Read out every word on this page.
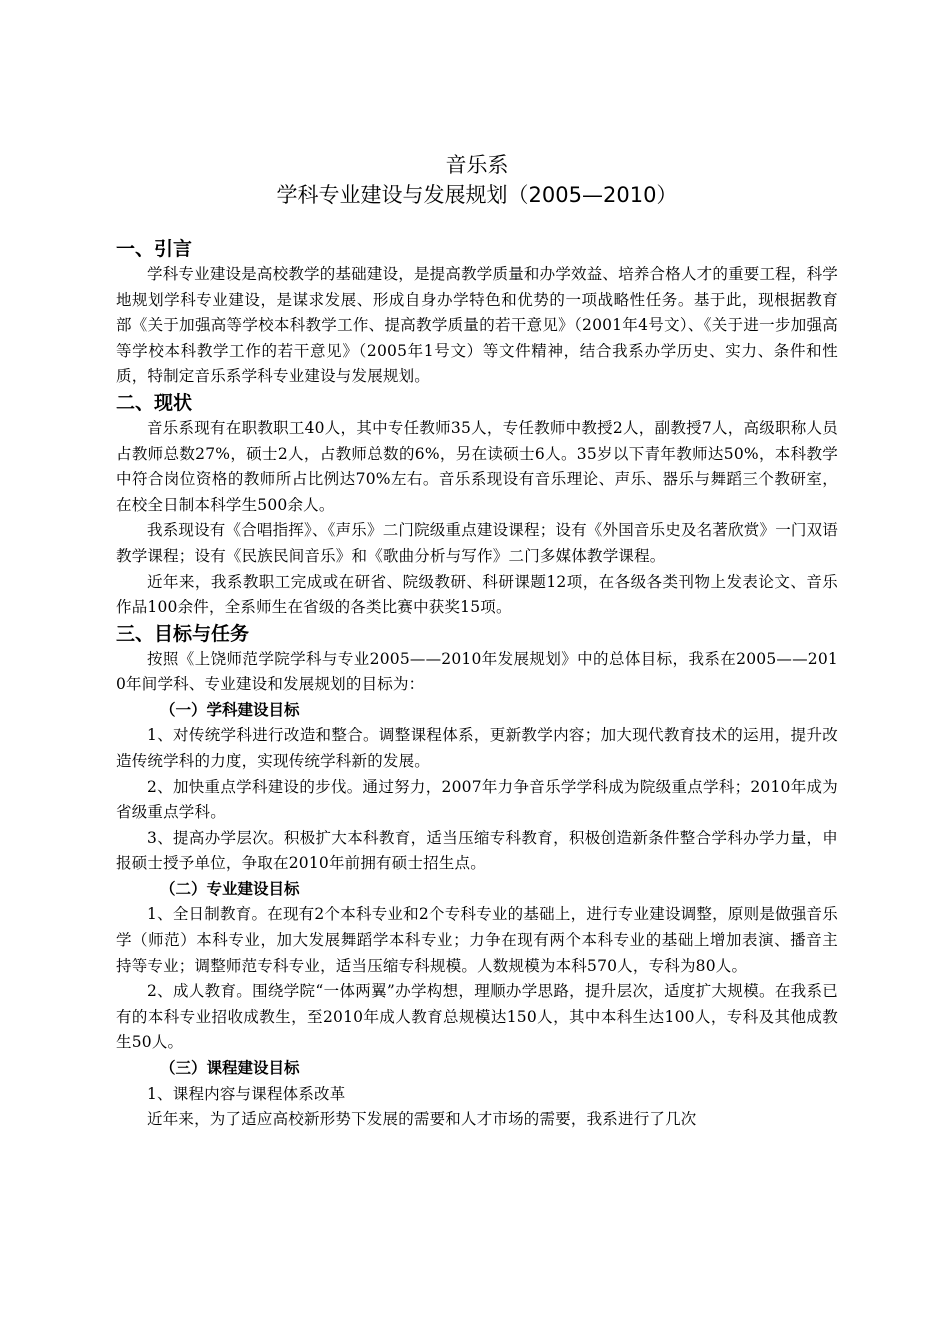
音乐系
学科专业建设与发展规划（2005—2010）
一、引言

学科专业建设是高校教学的基础建设，是提高教学质量和办学效益、培养合格人才的重要工程，科学地规划学科专业建设，是谋求发展、形成自身办学特色和优势的一项战略性任务。基于此，现根据教育部《关于加强高等学校本科教学工作、提高教学质量的若干意见》（2001年4号文）、《关于进一步加强高等学校本科教学工作的若干意见》（2005年1号文）等文件精神，结合我系办学历史、实力、条件和性质，特制定音乐系学科专业建设与发展规划。

二、现状

音乐系现有在职教职工40人，其中专任教师35人，专任教师中教授2人，副教授7人，高级职称人员占教师总数27%，硕士2人，占教师总数的6%，另在读硕士6人。35岁以下青年教师达50%，本科教学中符合岗位资格的教师所占比例达70%左右。音乐系现设有音乐理论、声乐、器乐与舞蹈三个教研室，在校全日制本科学生500余人。

我系现设有《合唱指挥》、《声乐》二门院级重点建设课程；设有《外国音乐史及名著欣赏》一门双语教学课程；设有《民族民间音乐》和《歌曲分析与写作》二门多媒体教学课程。

近年来，我系教职工完成或在研省、院级教研、科研课题12项，在各级各类刊物上发表论文、音乐作品100余件，全系师生在省级的各类比赛中获奖15项。

三、目标与任务

按照《上饶师范学院学科与专业2005——2010年发展规划》中的总体目标，我系在2005——2010年间学科、专业建设和发展规划的目标为：

（一）学科建设目标

1、对传统学科进行改造和整合。调整课程体系，更新教学内容；加大现代教育技术的运用，提升改造传统学科的力度，实现传统学科新的发展。

2、加快重点学科建设的步伐。通过努力，2007年力争音乐学学科成为院级重点学科；2010年成为省级重点学科。

3、提高办学层次。积极扩大本科教育，适当压缩专科教育，积极创造新条件整合学科办学力量，申报硕士授予单位，争取在2010年前拥有硕士招生点。

（二）专业建设目标

1、全日制教育。在现有2个本科专业和2个专科专业的基础上，进行专业建设调整，原则是做强音乐学（师范）本科专业，加大发展舞蹈学本科专业；力争在现有两个本科专业的基础上增加表演、播音主持等专业；调整师范专科专业，适当压缩专科规模。人数规模为本科570人，专科为80人。

2、成人教育。围绕学院“一体两翼”办学构想，理顺办学思路，提升层次，适度扩大规模。在我系已有的本科专业招收成教生，至2010年成人教育总规模达150人，其中本科生达100人，专科及其他成教生50人。

（三）课程建设目标

1、课程内容与课程体系改革

近年来，为了适应高校新形势下发展的需要和人才市场的需要，我系进行了几次
